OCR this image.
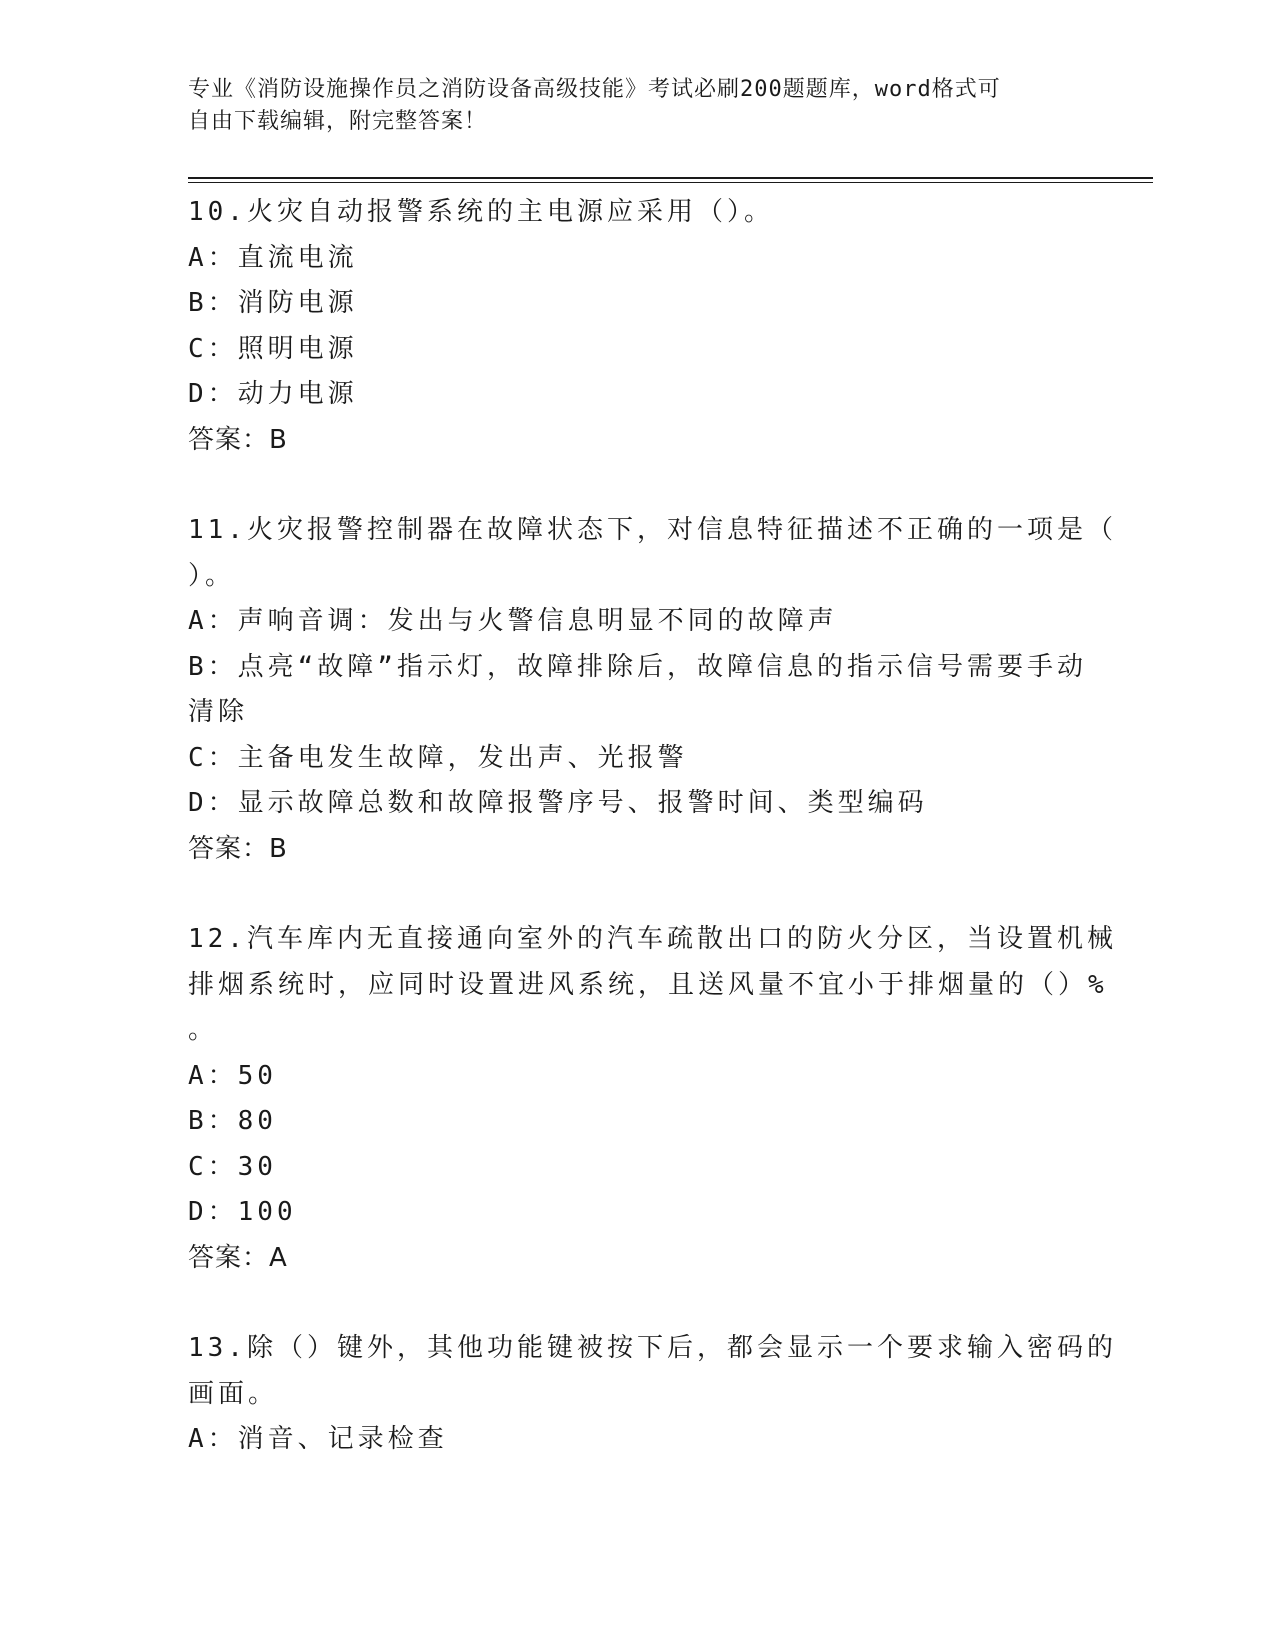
专业《消防设施操作员之消防设备高级技能》考试必刷200题题库，word格式可
自由下载编辑，附完整答案！
10.火灾自动报警系统的主电源应采用（）。
A：直流电流
B：消防电源
C：照明电源
D：动力电源
答案：B
11.火灾报警控制器在故障状态下，对信息特征描述不正确的一项是（
）。
A：声响音调：发出与火警信息明显不同的故障声
B：点亮“故障”指示灯，故障排除后，故障信息的指示信号需要手动
清除
C：主备电发生故障，发出声、光报警
D：显示故障总数和故障报警序号、报警时间、类型编码
答案：B
12.汽车库内无直接通向室外的汽车疏散出口的防火分区，当设置机械
排烟系统时，应同时设置进风系统，且送风量不宜小于排烟量的（）%
。
A：50
B：80
C：30
D：100
答案：A
13.除（）键外，其他功能键被按下后，都会显示一个要求输入密码的
画面。
A：消音、记录检查
